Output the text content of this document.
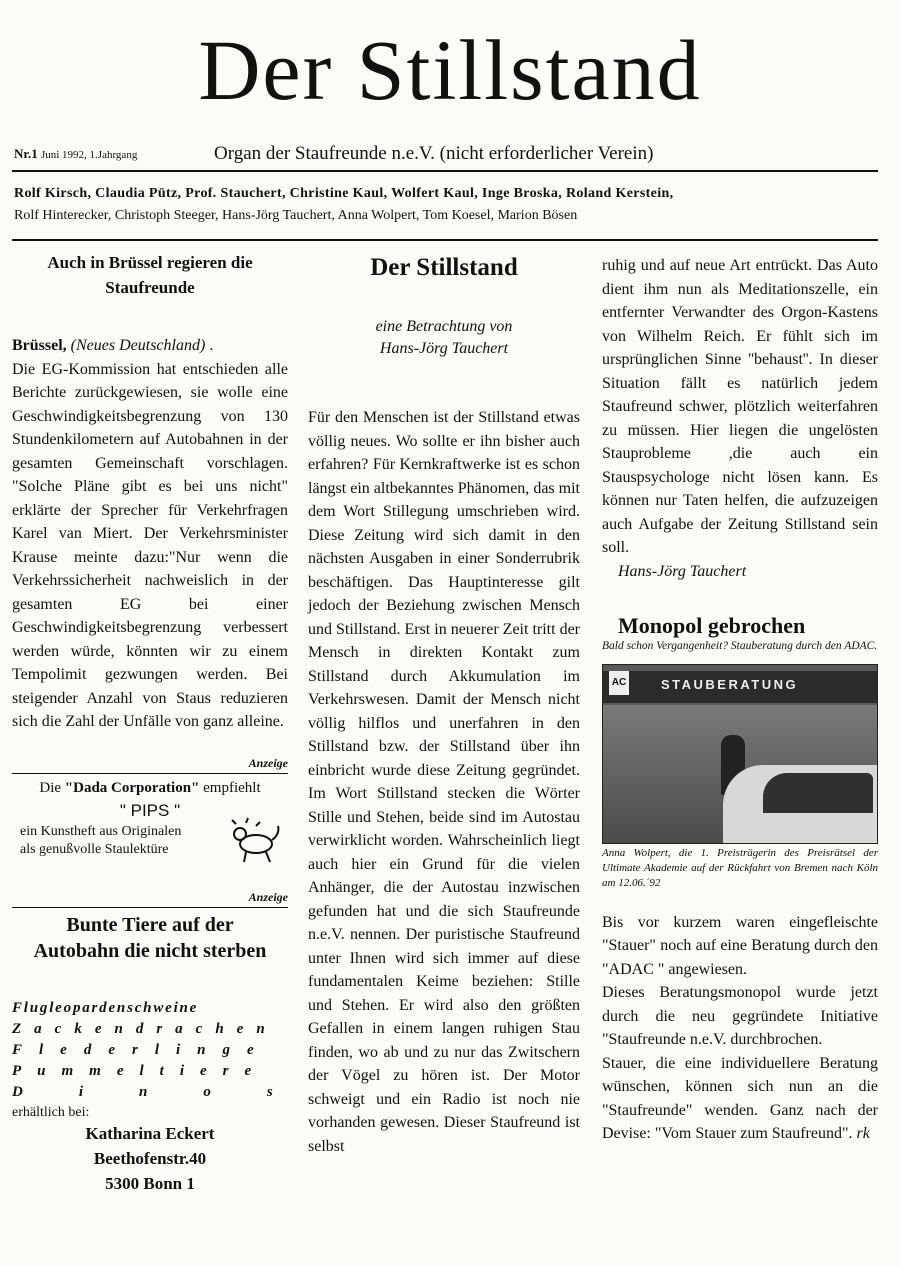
Der Stillstand
Nr.1 Juni 1992, 1.Jahrgang	Organ der Staufreunde n.e.V. (nicht erforderlicher Verein)
Rolf Kirsch, Claudia Pütz, Prof. Stauchert, Christine Kaul, Wolfert Kaul, Inge Broska, Roland Kerstein,
Rolf Hinterecker, Christoph Steeger, Hans-Jörg Tauchert, Anna Wolpert, Tom Koesel, Marion Bösen
Auch in Brüssel regieren die Staufreunde

Brüssel, (Neues Deutschland) .
Die EG-Kommission hat entschieden alle Berichte zurückgewiesen, sie wolle eine Geschwindigkeitsbegrenzung von 130 Stundenkilometern auf Autobahnen in der gesamten Gemeinschaft vorschlagen. "Solche Pläne gibt es bei uns nicht" erklärte der Sprecher für Verkehrfragen Karel van Miert. Der Verkehrsminister Krause meinte dazu:"Nur wenn die Verkehrssicherheit nachweislich in der gesamten EG bei einer Geschwindigkeitsbegrenzung verbessert werden würde, könnten wir zu einem Tempolimit gezwungen werden. Bei steigender Anzahl von Staus reduzieren sich die Zahl der Unfälle von ganz alleine.

Anzeige

Die "Dada Corporation" empfiehlt
" PIPS "
ein Kunstheft aus Originalen
als genußvolle Staulektüre

Anzeige

Bunte Tiere auf der Autobahn die nicht sterben
Flugleopardenschweine
Zackendrachen
Flederlinge
Pummeltiere
Dinos
erhältlich bei:
Katharina Eckert
Beethofenstr.40
5300 Bonn 1
Der Stillstand
eine Betrachtung von
Hans-Jörg Tauchert

Für den Menschen ist der Stillstand etwas völlig neues. Wo sollte er ihn bisher auch erfahren? Für Kernkraftwerke ist es schon längst ein altbekanntes Phänomen, das mit dem Wort Stillegung umschrieben wird. Diese Zeitung wird sich damit in den nächsten Ausgaben in einer Sonderrubrik beschäftigen. Das Hauptinteresse gilt jedoch der Beziehung zwischen Mensch und Stillstand. Erst in neuerer Zeit tritt der Mensch in direkten Kontakt zum Stillstand durch Akkumulation im Verkehrswesen. Damit der Mensch nicht völlig hilflos und unerfahren in den Stillstand bzw. der Stillstand über ihn einbricht wurde diese Zeitung gegründet. Im Wort Stillstand stecken die Wörter Stille und Stehen, beide sind im Autostau verwirklicht worden. Wahrscheinlich liegt auch hier ein Grund für die vielen Anhänger, die der Autostau inzwischen gefunden hat und die sich Staufreunde n.e.V. nennen. Der puristische Staufreund unter Ihnen wird sich immer auf diese fundamentalen Keime beziehen: Stille und Stehen. Er wird also den größten Gefallen in einem langen ruhigen Stau finden, wo ab und zu nur das Zwitschern der Vögel zu hören ist. Der Motor schweigt und ein Radio ist noch nie vorhanden gewesen. Dieser Staufreund ist selbst

ruhig und auf neue Art entrückt. Das Auto dient ihm nun als Meditationszelle, ein entfernter Verwandter des Orgon-Kastens von Wilhelm Reich. Er fühlt sich im ursprünglichen Sinne ''behaust''. In dieser Situation fällt es natürlich jedem Staufreund schwer, plötzlich weiterfahren zu müssen. Hier liegen die ungelösten Stauprobleme ,die auch ein Stauspsychologe nicht lösen kann. Es können nur Taten helfen, die aufzuzeigen auch Aufgabe der Zeitung Stillstand sein soll.

Hans-Jörg Tauchert
Monopol gebrochen
Bald schon Vergangenheit? Stauberatung durch den ADAC.
AC	STAUBERATUNG

Anna Wolpert, die 1. Preisträgerin des Preisrätsel der Ultimate Akademie auf der Rückfahrt von Bremen nach Köln am 12.06.´92

Bis vor kurzem waren eingefleischte "Stauer" noch auf eine Beratung durch den "ADAC " angewiesen.

Dieses Beratungsmonopol wurde jetzt durch die neu gegründete Initiative "Staufreunde n.e.V. durchbrochen.

Stauer, die eine individuellere Beratung wünschen, können sich nun an die "Staufreunde" wenden. Ganz nach der Devise: "Vom Stauer zum Staufreund". rk
